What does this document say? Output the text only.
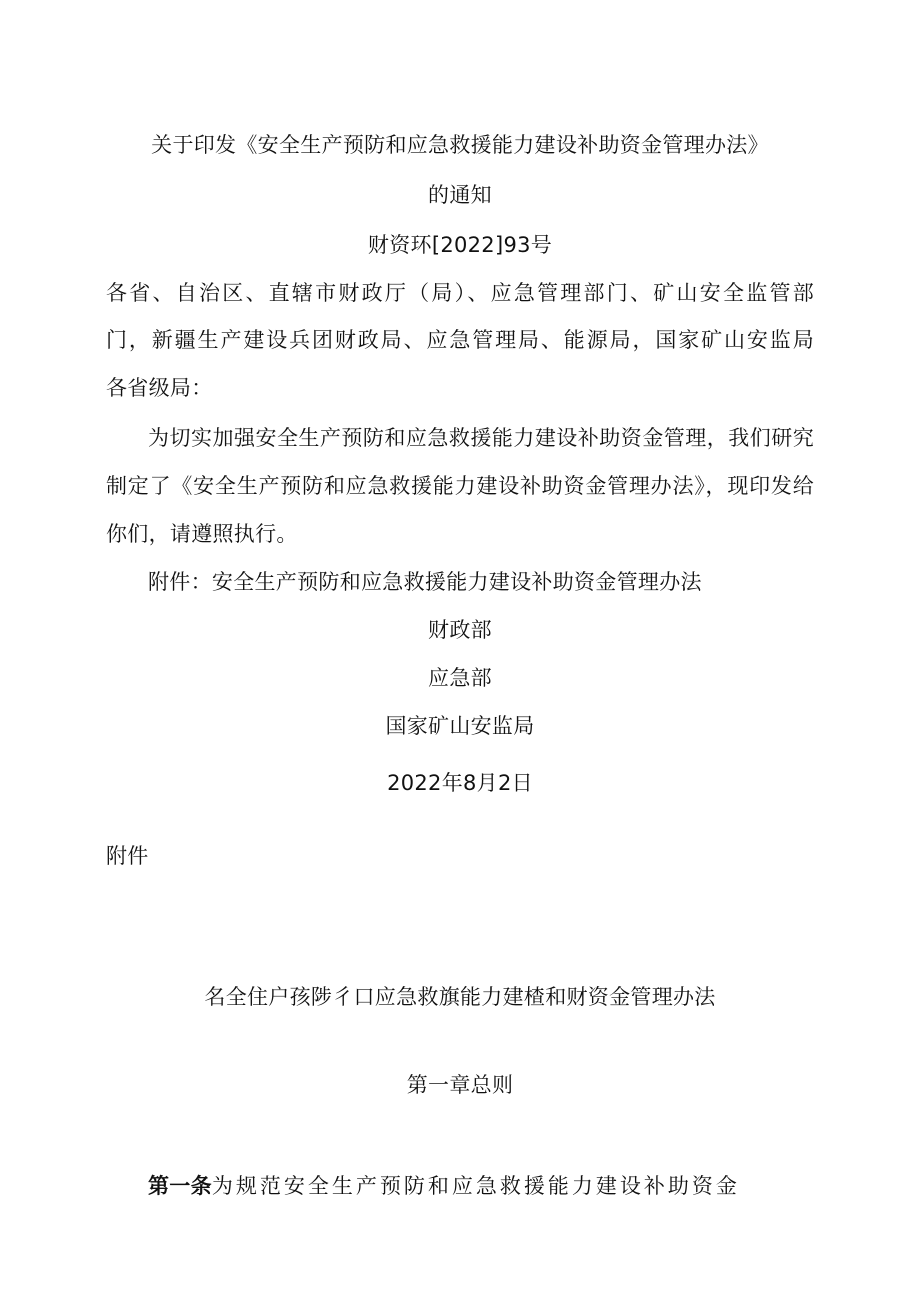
关于印发《安全生产预防和应急救援能力建设补助资金管理办法》
的通知
财资环[2022]93号
各省、自治区、直辖市财政厅（局）、应急管理部门、矿山安全监管部
门，新疆生产建设兵团财政局、应急管理局、能源局，国家矿山安监局
各省级局：
为切实加强安全生产预防和应急救援能力建设补助资金管理，我们研究
制定了《安全生产预防和应急救援能力建设补助资金管理办法》，现印发给
你们，请遵照执行。
附件：安全生产预防和应急救援能力建设补助资金管理办法
财政部
应急部
国家矿山安监局
2022年8月2日
附件
名全住户孩陟彳口应急救旗能力建楂和财资金管理办法
第一章总则
第一条为规范安全生产预防和应急救援能力建设补助资金
